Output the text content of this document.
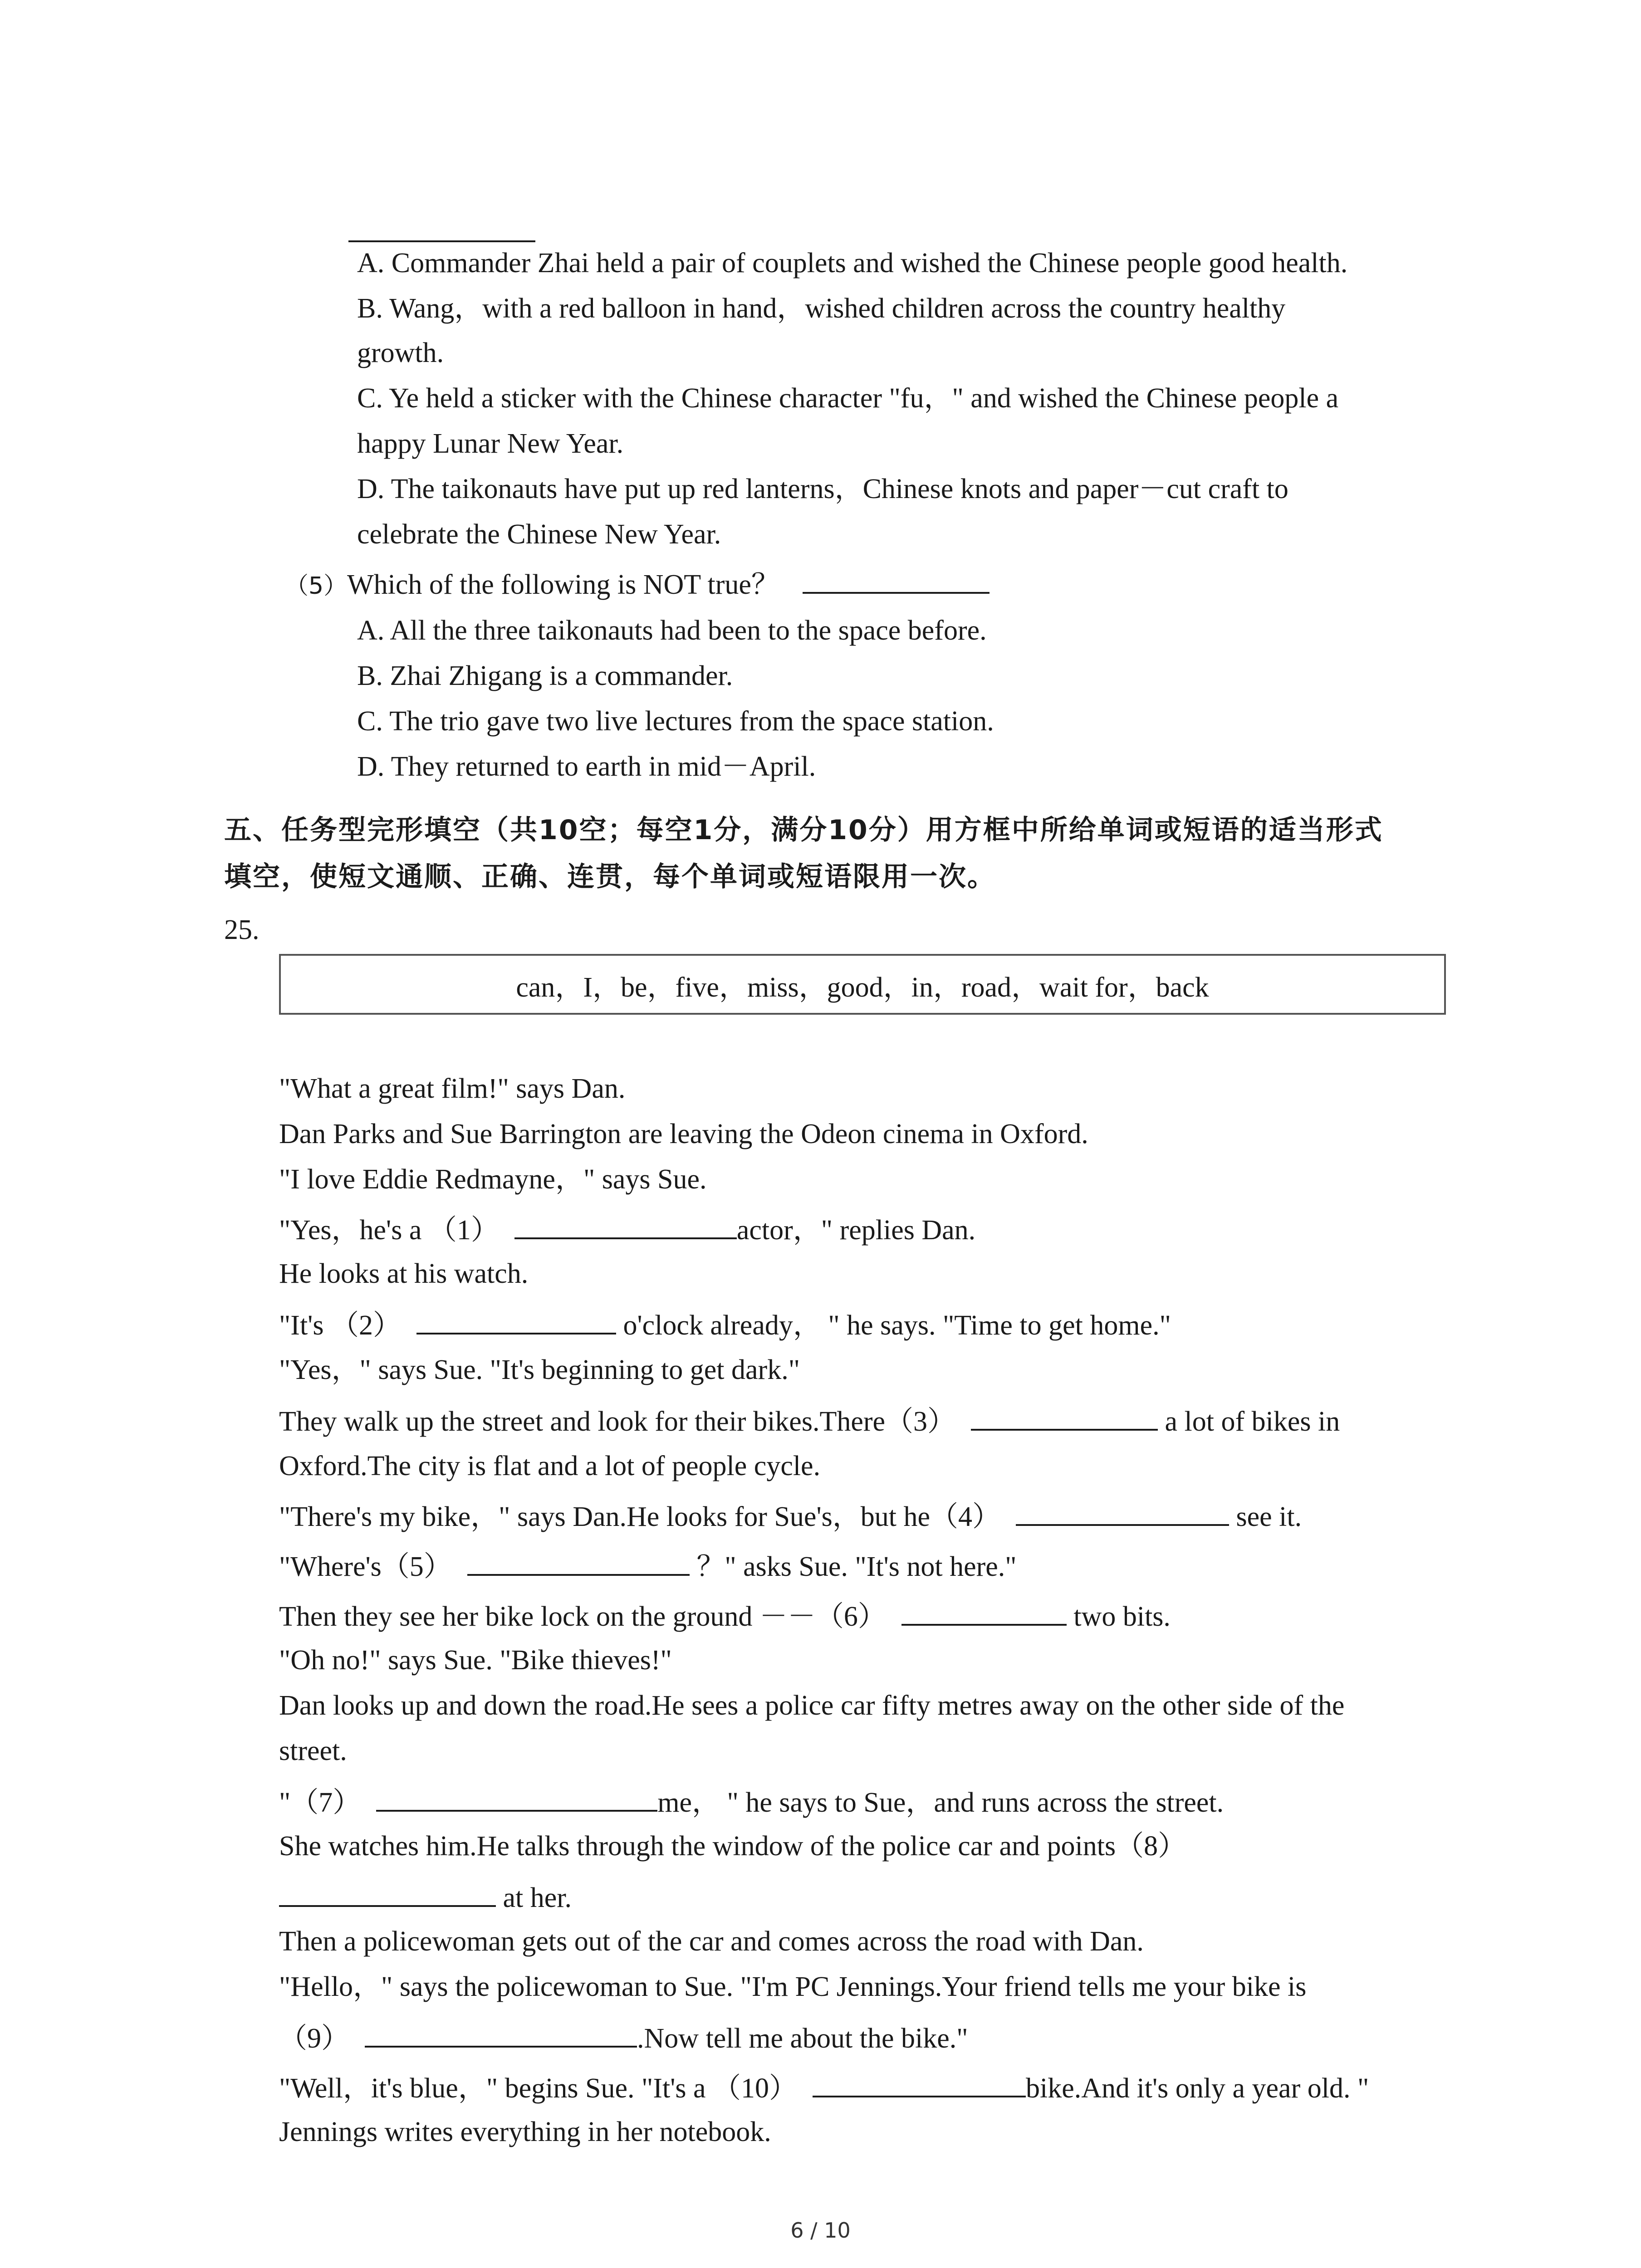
A. Commander Zhai held a pair of couplets and wished the Chinese people good health.
B. Wang，with a red balloon in hand，wished children across the country healthy
growth.
C. Ye held a sticker with the Chinese character "fu，" and wished the Chinese people a
happy Lunar New Year.
D. The taikonauts have put up red lanterns，Chinese knots and paper－cut craft to
celebrate the Chinese New Year.
（5）Which of the following is NOT true？
A. All the three taikonauts had been to the space before.
B. Zhai Zhigang is a commander.
C. The trio gave two live lectures from the space station.
D. They returned to earth in mid－April.
五、任务型完形填空（共10空；每空1分，满分10分）用方框中所给单词或短语的适当形式
填空，使短文通顺、正确、连贯，每个单词或短语限用一次。
25.
can，I，be，five，miss，good，in，road，wait for，back
"What a great film!" says Dan.
Dan Parks and Sue Barrington are leaving the Odeon cinema in Oxford.
"I love Eddie Redmayne，" says Sue.
"Yes，he's a （1）	actor，" replies Dan.
He looks at his watch.
"It's （2）	o'clock already， " he says. "Time to get home."
"Yes，" says Sue. "It's beginning to get dark."
They walk up the street and look for their bikes.There（3）	a lot of bikes in
Oxford.The city is flat and a lot of people cycle.
"There's my bike，" says Dan.He looks for Sue's，but he（4）	see it.
"Where's（5）	？" asks Sue. "It's not here."
Then they see her bike lock on the ground －－（6）	two bits.
"Oh no!" says Sue. "Bike thieves!"
Dan looks up and down the road.He sees a police car fifty metres away on the other side of the
street.
"（7）	me， " he says to Sue，and runs across the street.
She watches him.He talks through the window of the police car and points（8）
at her.
Then a policewoman gets out of the car and comes across the road with Dan.
"Hello，" says the policewoman to Sue. "I'm PC Jennings.Your friend tells me your bike is
（9）	.Now tell me about the bike."
"Well，it's blue，" begins Sue. "It's a （10）	bike.And it's only a year old. "
Jennings writes everything in her notebook.
6 / 10
